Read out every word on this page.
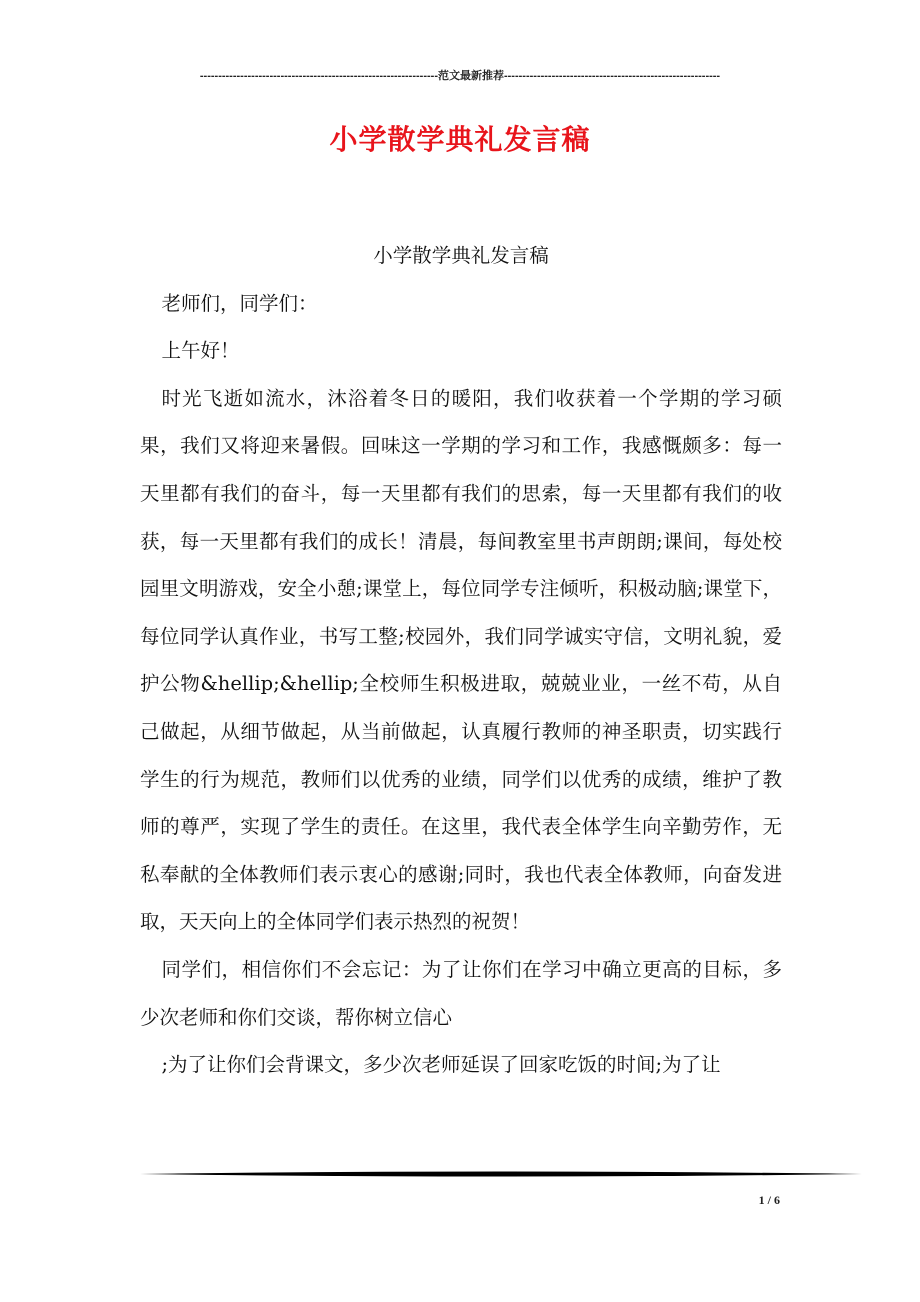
-----------------------------------------------------------------范文最新推荐-----------------------------------------------------------
小学散学典礼发言稿

小学散学典礼发言稿

老师们，同学们：

上午好！

时光飞逝如流水，沐浴着冬日的暖阳，我们收获着一个学期的学习硕果，我们又将迎来暑假。回味这一学期的学习和工作，我感慨颇多：每一天里都有我们的奋斗，每一天里都有我们的思索，每一天里都有我们的收获，每一天里都有我们的成长！清晨，每间教室里书声朗朗;课间，每处校园里文明游戏，安全小憩;课堂上，每位同学专注倾听，积极动脑;课堂下，每位同学认真作业，书写工整;校园外，我们同学诚实守信，文明礼貌，爱护公物&hellip;&hellip;全校师生积极进取，兢兢业业，一丝不苟，从自己做起，从细节做起，从当前做起，认真履行教师的神圣职责，切实践行学生的行为规范，教师们以优秀的业绩，同学们以优秀的成绩，维护了教师的尊严，实现了学生的责任。在这里，我代表全体学生向辛勤劳作，无私奉献的全体教师们表示衷心的感谢;同时，我也代表全体教师，向奋发进取，天天向上的全体同学们表示热烈的祝贺！

同学们，相信你们不会忘记：为了让你们在学习中确立更高的目标，多少次老师和你们交谈，帮你树立信心

;为了让你们会背课文，多少次老师延误了回家吃饭的时间;为了让

1 / 6
